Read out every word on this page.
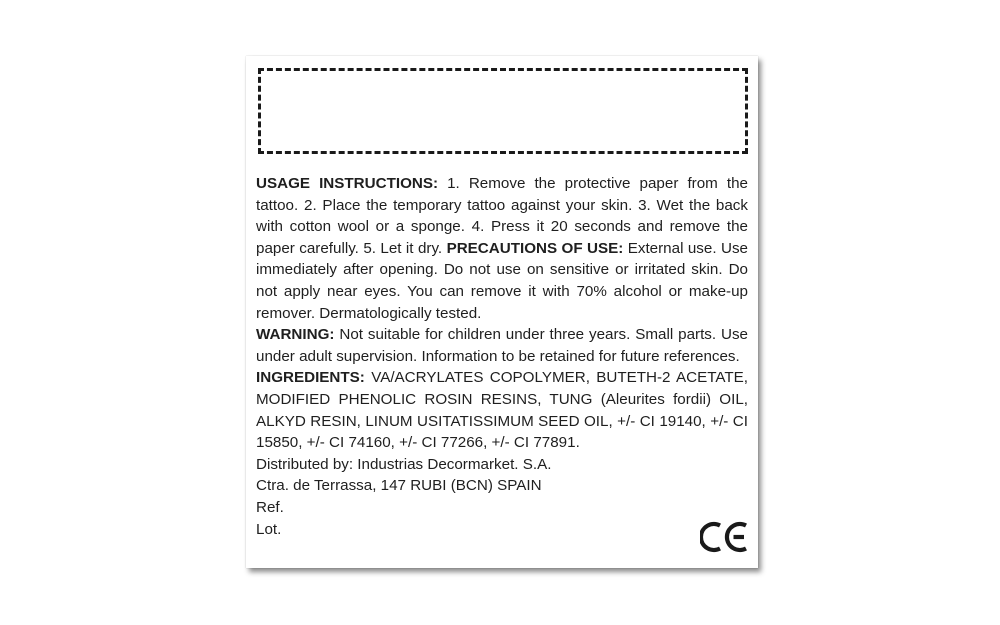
USAGE INSTRUCTIONS: 1. Remove the protective paper from the tattoo. 2. Place the temporary tattoo against your skin. 3. Wet the back with cotton wool or a sponge. 4. Press it 20 seconds and remove the paper carefully. 5. Let it dry. PRECAUTIONS OF USE: External use. Use immediately after opening. Do not use on sensitive or irritated skin. Do not apply near eyes. You can remove it with 70% alcohol or make-up remover. Dermatologically tested.

WARNING: Not suitable for children under three years. Small parts. Use under adult supervision. Information to be retained for future references.

INGREDIENTS: VA/ACRYLATES COPOLYMER, BUTETH-2 ACETATE, MODIFIED PHENOLIC ROSIN RESINS, TUNG (Aleurites fordii) OIL, ALKYD RESIN, LINUM USITATISSIMUM SEED OIL, +/- CI 19140, +/- CI 15850, +/- CI 74160, +/- CI 77266, +/- CI 77891.

Distributed by: Industrias Decormarket. S.A.

Ctra. de Terrassa, 147 RUBI (BCN) SPAIN

Ref.

Lot.
